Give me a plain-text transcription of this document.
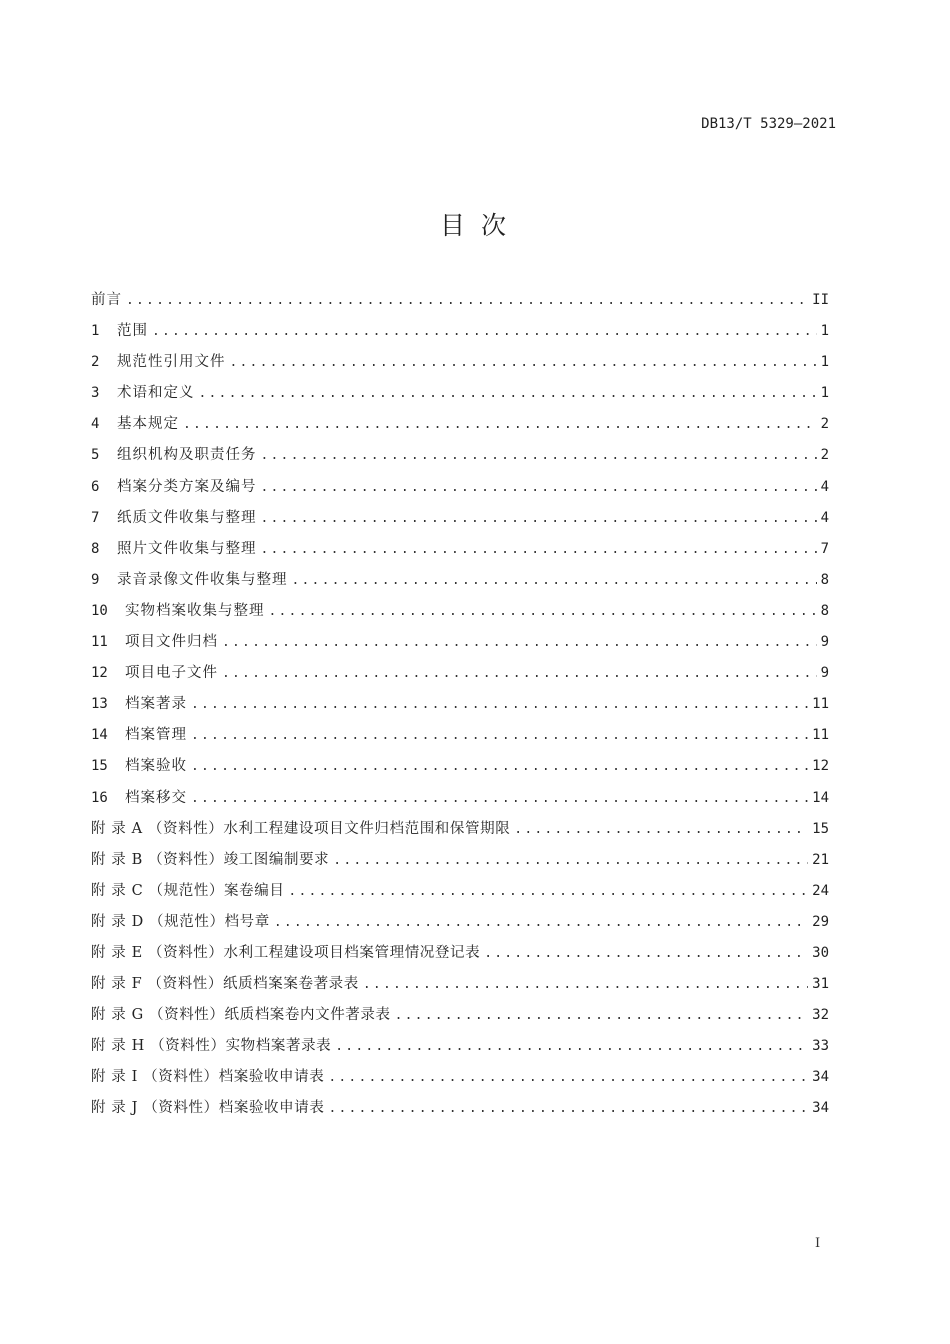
DB13/T 5329—2021
目 次
前言 .....	II
1	范围 .....	1
2	规范性引用文件 .....	1
3	术语和定义 .....	1
4	基本规定 .....	2
5	组织机构及职责任务 .....	2
6	档案分类方案及编号 .....	4
7	纸质文件收集与整理 .....	4
8	照片文件收集与整理 .....	7
9	录音录像文件收集与整理 .....	8
10	实物档案收集与整理 .....	8
11	项目文件归档 .....	9
12	项目电子文件 .....	9
13	档案著录 .....	11
14	档案管理 .....	11
15	档案验收 .....	12
16	档案移交 .....	14
附 录 A （资料性）水利工程建设项目文件归档范围和保管期限 .....	15
附 录 B （资料性）竣工图编制要求 .....	21
附 录 C （规范性）案卷编目 .....	24
附 录 D （规范性）档号章 .....	29
附 录 E （资料性）水利工程建设项目档案管理情况登记表 .....	30
附 录 F （资料性）纸质档案案卷著录表 .....	31
附 录 G （资料性）纸质档案卷内文件著录表 .....	32
附 录 H （资料性）实物档案著录表 .....	33
附 录 I （资料性）档案验收申请表 .....	34
附 录 J （资料性）档案验收申请表 .....	34
I
